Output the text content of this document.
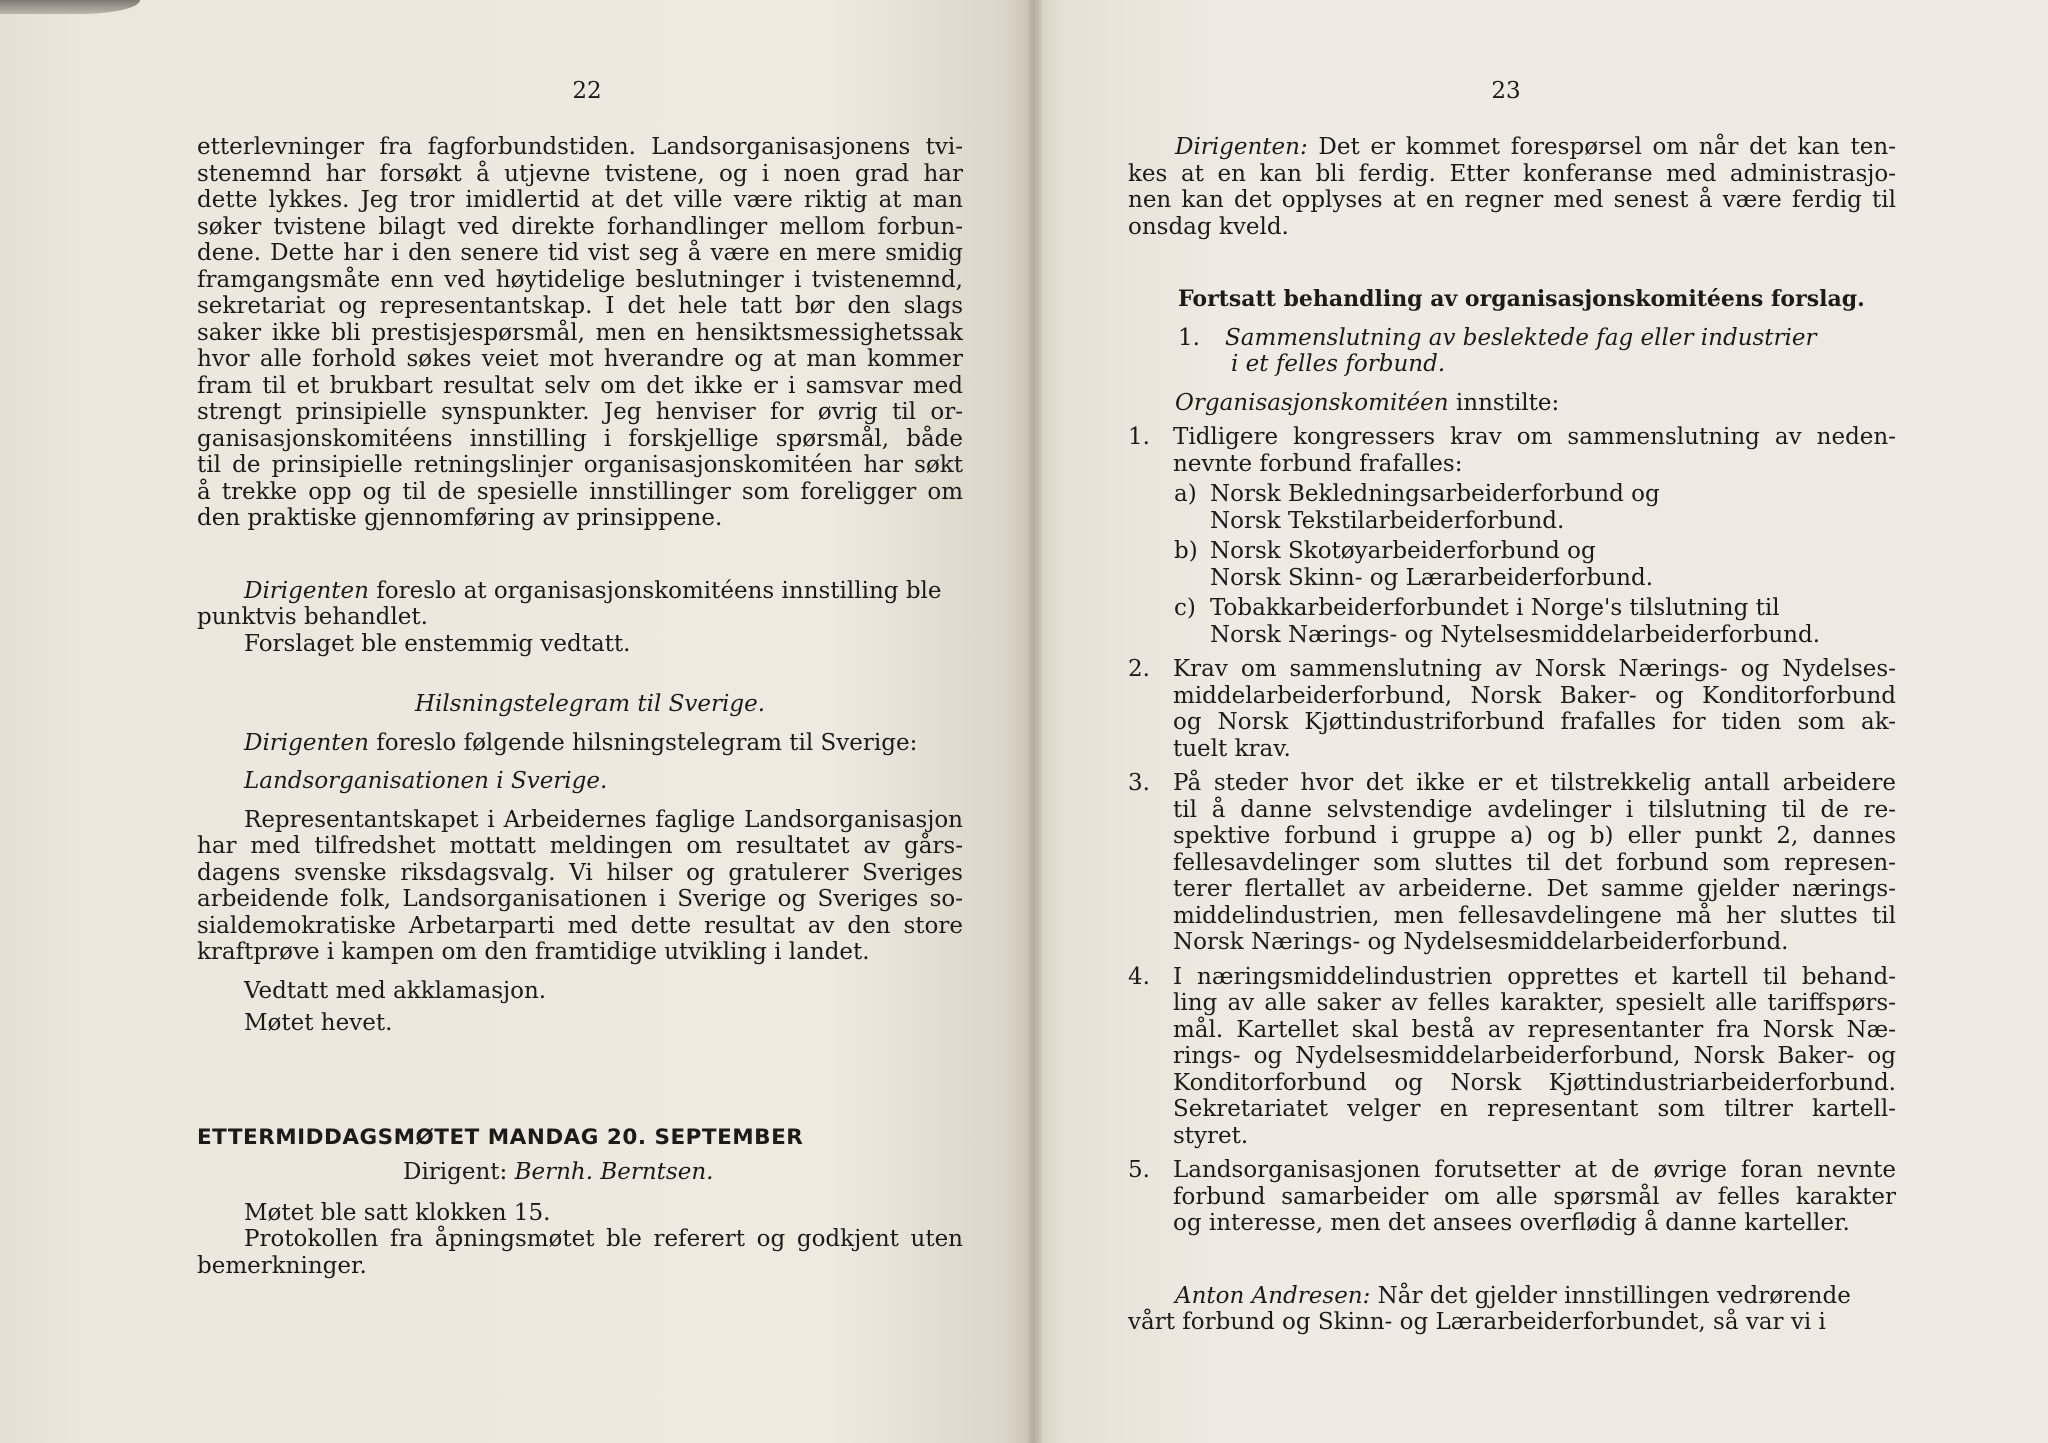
22
etterlevninger fra fagforbundstiden. Landsorganisasjonens tvi-
stenemnd har forsøkt å utjevne tvistene, og i noen grad har
dette lykkes. Jeg tror imidlertid at det ville være riktig at man
søker tvistene bilagt ved direkte forhandlinger mellom forbun-
dene. Dette har i den senere tid vist seg å være en mere smidig
framgangsmåte enn ved høytidelige beslutninger i tvistenemnd,
sekretariat og representantskap. I det hele tatt bør den slags
saker ikke bli prestisjespørsmål, men en hensiktsmessighetssak
hvor alle forhold søkes veiet mot hverandre og at man kommer
fram til et brukbart resultat selv om det ikke er i samsvar med
strengt prinsipielle synspunkter. Jeg henviser for øvrig til or-
ganisasjonskomitéens innstilling i forskjellige spørsmål, både
til de prinsipielle retningslinjer organisasjonskomitéen har søkt
å trekke opp og til de spesielle innstillinger som foreligger om
den praktiske gjennomføring av prinsippene.

Dirigenten foreslo at organisasjonskomitéens innstilling ble

punktvis behandlet.

Forslaget ble enstemmig vedtatt.

Hilsningstelegram til Sverige.

Dirigenten foreslo følgende hilsningstelegram til Sverige:

Landsorganisationen i Sverige.

Representantskapet i Arbeidernes faglige Landsorganisasjon
har med tilfredshet mottatt meldingen om resultatet av gårs-
dagens svenske riksdagsvalg. Vi hilser og gratulerer Sveriges
arbeidende folk, Landsorganisationen i Sverige og Sveriges so-
sialdemokratiske Arbetarparti med dette resultat av den store
kraftprøve i kampen om den framtidige utvikling i landet.

Vedtatt med akklamasjon.

Møtet hevet.

ETTERMIDDAGSMØTET MANDAG 20. SEPTEMBER

Dirigent: Bernh. Berntsen.

Møtet ble satt klokken 15.

Protokollen fra åpningsmøtet ble referert og godkjent uten

bemerkninger.

23
Dirigenten: Det er kommet forespørsel om når det kan ten-
kes at en kan bli ferdig. Etter konferanse med administrasjo-
nen kan det opplyses at en regner med senest å være ferdig til
onsdag kveld.

Fortsatt behandling av organisasjonskomitéens forslag.

1. Sammenslutning av beslektede fag eller industrier
i et felles forbund.

Organisasjonskomitéen innstilte:

1. Tidligere kongressers krav om sammenslutning av neden-
nevnte forbund frafalles:
a) Norsk Bekledningsarbeiderforbund og
Norsk Tekstilarbeiderforbund.
b) Norsk Skotøyarbeiderforbund og
Norsk Skinn- og Lærarbeiderforbund.
c) Tobakkarbeiderforbundet i Norge's tilslutning til
Norsk Nærings- og Nytelsesmiddelarbeiderforbund.
2. Krav om sammenslutning av Norsk Nærings- og Nydelses-
middelarbeiderforbund, Norsk Baker- og Konditorforbund
og Norsk Kjøttindustriforbund frafalles for tiden som ak-
tuelt krav.
3. På steder hvor det ikke er et tilstrekkelig antall arbeidere
til å danne selvstendige avdelinger i tilslutning til de re-
spektive forbund i gruppe a) og b) eller punkt 2, dannes
fellesavdelinger som sluttes til det forbund som represen-
terer flertallet av arbeiderne. Det samme gjelder nærings-
middelindustrien, men fellesavdelingene må her sluttes til
Norsk Nærings- og Nydelsesmiddelarbeiderforbund.
4. I næringsmiddelindustrien opprettes et kartell til behand-
ling av alle saker av felles karakter, spesielt alle tariffspørs-
mål. Kartellet skal bestå av representanter fra Norsk Næ-
rings- og Nydelsesmiddelarbeiderforbund, Norsk Baker- og
Konditorforbund og Norsk Kjøttindustriarbeiderforbund.
Sekretariatet velger en representant som tiltrer kartell-
styret.
5. Landsorganisasjonen forutsetter at de øvrige foran nevnte
forbund samarbeider om alle spørsmål av felles karakter
og interesse, men det ansees overflødig å danne karteller.

Anton Andresen: Når det gjelder innstillingen vedrørende

vårt forbund og Skinn- og Lærarbeiderforbundet, så var vi i
